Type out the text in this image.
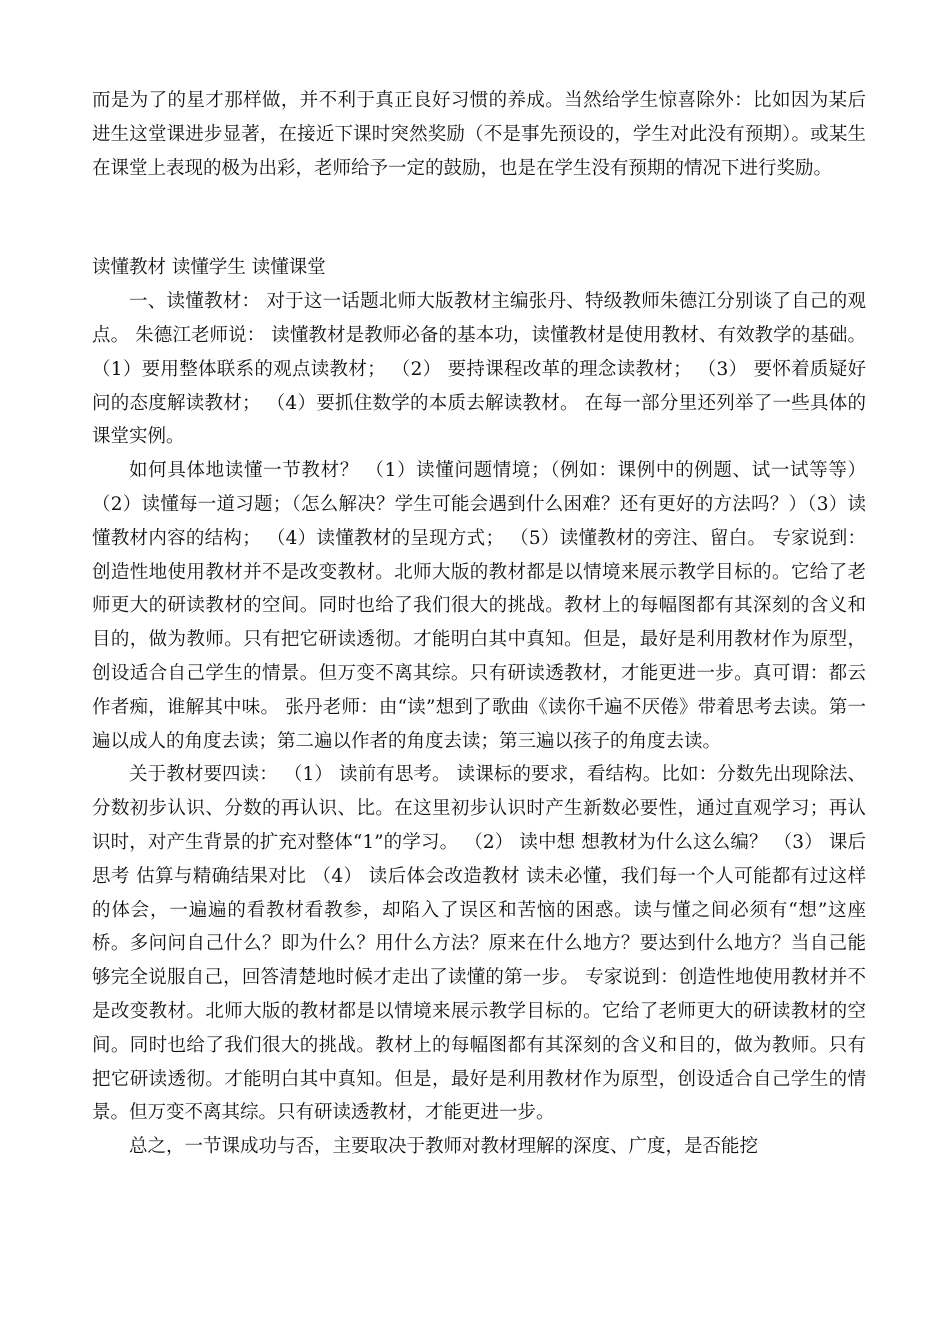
而是为了的星才那样做，并不利于真正良好习惯的养成。当然给学生惊喜除外：比如因为某后进生这堂课进步显著，在接近下课时突然奖励（不是事先预设的，学生对此没有预期）。或某生在课堂上表现的极为出彩，老师给予一定的鼓励，也是在学生没有预期的情况下进行奖励。

读懂教材 读懂学生 读懂课堂

一、读懂教材： 对于这一话题北师大版教材主编张丹、特级教师朱德江分别谈了自己的观点。 朱德江老师说： 读懂教材是教师必备的基本功，读懂教材是使用教材、有效教学的基础。 （1）要用整体联系的观点读教材； （2） 要持课程改革的理念读教材； （3） 要怀着质疑好问的态度解读教材； （4）要抓住数学的本质去解读教材。 在每一部分里还列举了一些具体的课堂实例。

如何具体地读懂一节教材？ （1）读懂问题情境；（例如：课例中的例题、试一试等等） （2）读懂每一道习题；（怎么解决？学生可能会遇到什么困难？还有更好的方法吗？）（3）读懂教材内容的结构； （4）读懂教材的呈现方式； （5）读懂教材的旁注、留白。 专家说到：创造性地使用教材并不是改变教材。北师大版的教材都是以情境来展示教学目标的。它给了老师更大的研读教材的空间。同时也给了我们很大的挑战。教材上的每幅图都有其深刻的含义和目的，做为教师。只有把它研读透彻。才能明白其中真知。但是，最好是利用教材作为原型，创设适合自己学生的情景。但万变不离其综。只有研读透教材，才能更进一步。真可谓：都云作者痴，谁解其中味。 张丹老师：由“读”想到了歌曲《读你千遍不厌倦》带着思考去读。第一遍以成人的角度去读；第二遍以作者的角度去读；第三遍以孩子的角度去读。

关于教材要四读： （1） 读前有思考。 读课标的要求，看结构。比如：分数先出现除法、分数初步认识、分数的再认识、比。在这里初步认识时产生新数必要性，通过直观学习；再认识时，对产生背景的扩充对整体“1”的学习。 （2） 读中想 想教材为什么这么编？ （3） 课后思考 估算与精确结果对比 （4） 读后体会改造教材 读未必懂，我们每一个人可能都有过这样的体会，一遍遍的看教材看教参，却陷入了误区和苦恼的困惑。读与懂之间必须有“想”这座桥。多问问自己什么？即为什么？用什么方法？原来在什么地方？要达到什么地方？当自己能够完全说服自己，回答清楚地时候才走出了读懂的第一步。 专家说到：创造性地使用教材并不是改变教材。北师大版的教材都是以情境来展示教学目标的。它给了老师更大的研读教材的空间。同时也给了我们很大的挑战。教材上的每幅图都有其深刻的含义和目的，做为教师。只有把它研读透彻。才能明白其中真知。但是，最好是利用教材作为原型，创设适合自己学生的情景。但万变不离其综。只有研读透教材，才能更进一步。

总之，一节课成功与否，主要取决于教师对教材理解的深度、广度，是否能挖
